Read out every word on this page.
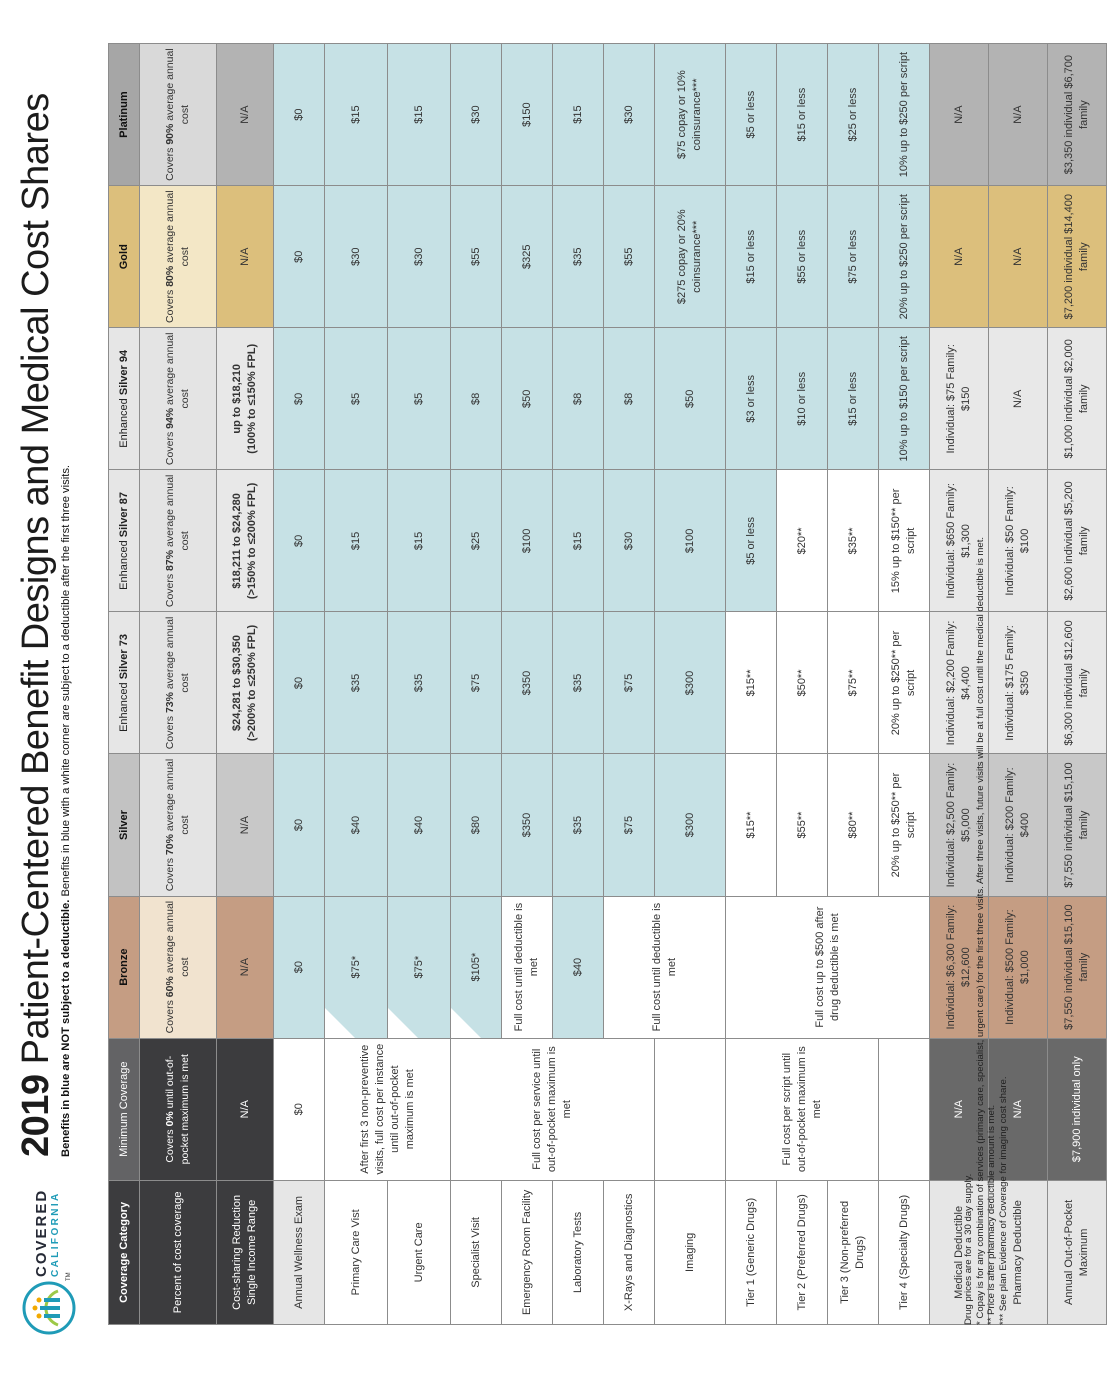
COVERED CALIFORNIA TM
2019 Patient-Centered Benefit Designs and Medical Cost Shares Benefits in blue are NOT subject to a deductible. Benefits in blue with a white corner are subject to a deductible after the first three visits.
Coverage Category	Minimum Coverage	Bronze	Silver	Enhanced Silver 73	Enhanced Silver 87	Enhanced Silver 94	Gold	Platinum
Percent of cost coverage	Covers 0% until out-of-pocket maximum is met	Covers 60% average annual cost	Covers 70% average annual cost	Covers 73% average annual cost	Covers 87% average annual cost	Covers 94% average annual cost	Covers 80% average annual cost	Covers 90% average annual cost
Cost-sharing Reduction Single Income Range	N/A	N/A	N/A	$24,281 to $30,350 (>200% to ≤250% FPL)	$18,211 to $24,280 (>150% to ≤200% FPL)	up to $18,210 (100% to ≤150% FPL)	N/A	N/A
Annual Wellness Exam	$0	$0	$0	$0	$0	$0	$0	$0
Primary Care Vist	After first 3 non-preventive visits, full cost per instance until out-of-pocket maximum is met	$75*	$40	$35	$15	$5	$30	$15
Urgent Care		$75*	$40	$35	$15	$5	$30	$15
Specialist Visit	Full cost per service until out-of-pocket maximum is met	$105*	$80	$75	$25	$8	$55	$30
Emergency Room Facility		Full cost until deductible is met	$350	$350	$100	$50	$325	$150
Laboratory Tests		$40	$35	$35	$15	$8	$35	$15
X-Rays and Diagnostics		Full cost until deductible is met	$75	$75	$30	$8	$55	$30
Imaging			$300	$300	$100	$50	$275 copay or 20% coinsurance***	$75 copay or 10% coinsurance***
Tier 1 (Generic Drugs)	Full cost per script until out-of-pocket maximum is met	Full cost up to $500 after drug deductible is met	$15**	$15**	$5 or less	$3 or less	$15 or less	$5 or less
Tier 2 (Preferred Drugs)			$55**	$50**	$20**	$10 or less	$55 or less	$15 or less
Tier 3 (Non-preferred Drugs)			$80**	$75**	$35**	$15 or less	$75 or less	$25 or less
Tier 4 (Specialty Drugs)			20% up to $250** per script	20% up to $250** per script	15% up to $150** per script	10% up to $150 per script	20% up to $250 per script	10% up to $250 per script
Medical Deductible	N/A	Individual: $6,300 Family: $12,600	Individual: $2,500 Family: $5,000	Individual: $2,200 Family: $4,400	Individual: $650 Family: $1,300	Individual: $75 Family: $150	N/A	N/A
Pharmacy Deductible	N/A	Individual: $500 Family: $1,000	Individual: $200 Family: $400	Individual: $175 Family: $350	Individual: $50 Family: $100	N/A	N/A	N/A
Annual Out-of-Pocket Maximum	$7,900 individual only	$7,550 individual $15,100 family	$7,550 individual $15,100 family	$6,300 individual $12,600 family	$2,600 individual $5,200 family	$1,000 individual $2,000 family	$7,200 individual $14,400 family	$3,350 individual $6,700 family
Drug prices are for a 30 day supply. * Copay is for any combination of services (primary care, specialist, urgent care) for the first three visits. After three visits, future visits will be at full cost until the medical deductible is met. ** Price is after pharmacy deductible amount is met. *** See plan Evidence of Coverage for imaging cost share.
